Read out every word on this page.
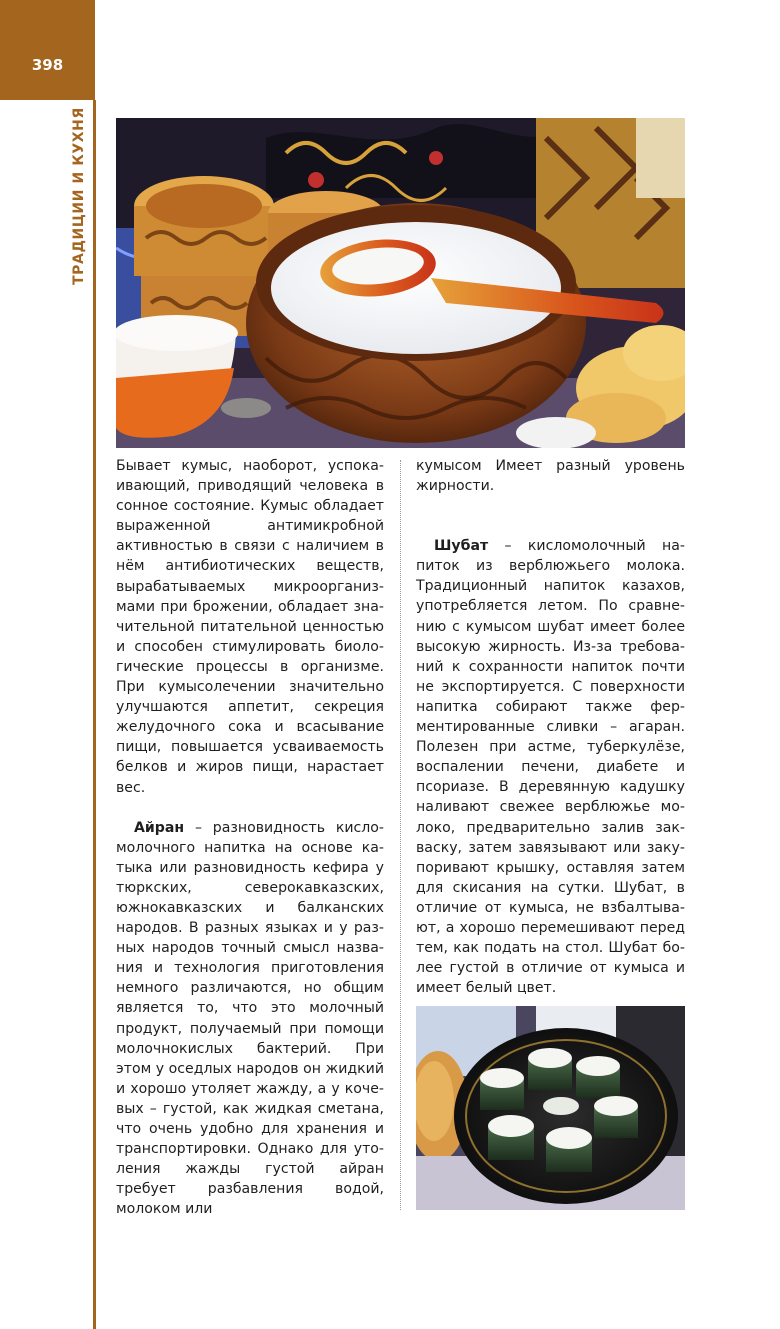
398
ТРАДИЦИИ И КУХНЯ

Бывает кумыс, наоборот, успокаивающий, приводящий человека в сонное состояние. Кумыс обладает выраженной антимикробной активностью в связи с наличием в нём антибиотических веществ, вырабатываемых микроорганизмами при брожении, обладает значительной питательной ценностью и способен стимулировать биологические процессы в организме. При кумысолечении значительно улучшаются аппетит, секреция желудочного сока и всасывание пищи, повышается усваиваемость белков и жиров пищи, нарастает вес.

Айран – разновидность кисломолочного напитка на основе катыка или разновидность кефира у тюркских, северокавказских, южнокавказских и балканских народов. В разных языках и у разных народов точный смысл названия и технология приготовления немного различаются, но общим является то, что это молочный продукт, получаемый при помощи молочнокислых бактерий. При этом у оседлых народов он жидкий и хорошо утоляет жажду, а у кочевых – густой, как жидкая сметана, что очень удобно для хранения и транспортировки. Однако для утоления жажды густой айран требует разбавления водой, молоком или

кумысом Имеет разный уровень жирности.

Шубат – кисломолочный напиток из верблюжьего молока. Традиционный напиток казахов, употребляется летом. По сравнению с кумысом шубат имеет более высокую жирность. Из-за требований к сохранности напиток почти не экспортируется. С поверхности напитка собирают также ферментированные сливки – агаран. Полезен при астме, туберкулёзе, воспалении печени, диабете и псориазе. В деревянную кадушку наливают свежее верблюжье молоко, предварительно залив закваску, затем завязывают или закупоривают крышку, оставляя затем для скисания на сутки. Шубат, в отличие от кумыса, не взбалтывают, а хорошо перемешивают перед тем, как подать на стол. Шубат более густой в отличие от кумыса и имеет белый цвет.
